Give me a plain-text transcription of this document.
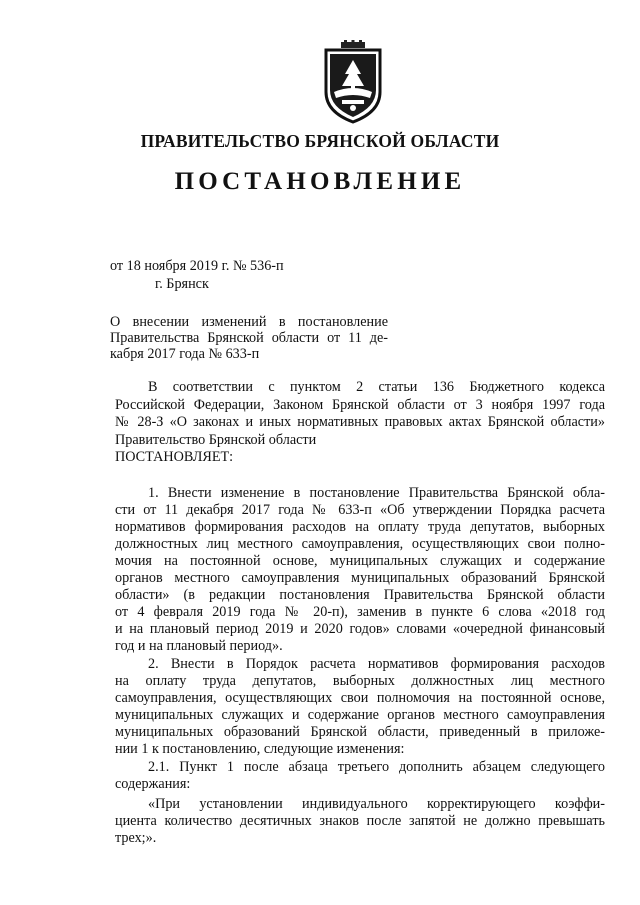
ПРАВИТЕЛЬСТВО БРЯНСКОЙ ОБЛАСТИ
ПОСТАНОВЛЕНИЕ
от 18 ноября 2019 г. № 536-п
г. Брянск
О внесении изменений в постановление
Правительства Брянской области от 11 де-
кабря 2017 года № 633-п
В соответствии с пунктом 2 статьи 136 Бюджетного кодекса
Российской Федерации, Законом Брянской области от 3 ноября 1997 года
№ 28-З «О законах и иных нормативных правовых актах Брянской области»
Правительство Брянской области
ПОСТАНОВЛЯЕТ:
1. Внести изменение в постановление Правительства Брянской обла-
сти от 11 декабря 2017 года № 633-п «Об утверждении Порядка расчета
нормативов формирования расходов на оплату труда депутатов, выборных
должностных лиц местного самоуправления, осуществляющих свои полно-
мочия на постоянной основе, муниципальных служащих и содержание
органов местного самоуправления муниципальных образований Брянской
области» (в редакции постановления Правительства Брянской области
от 4 февраля 2019 года № 20-п), заменив в пункте 6 слова «2018 год
и на плановый период 2019 и 2020 годов» словами «очередной финансовый
год и на плановый период».
2. Внести в Порядок расчета нормативов формирования расходов
на оплату труда депутатов, выборных должностных лиц местного
самоуправления, осуществляющих свои полномочия на постоянной основе,
муниципальных служащих и содержание органов местного самоуправления
муниципальных образований Брянской области, приведенный в приложе-
нии 1 к постановлению, следующие изменения:
2.1. Пункт 1 после абзаца третьего дополнить абзацем следующего
содержания:
«При установлении индивидуального корректирующего коэффи-
циента количество десятичных знаков после запятой не должно превышать
трех;».
